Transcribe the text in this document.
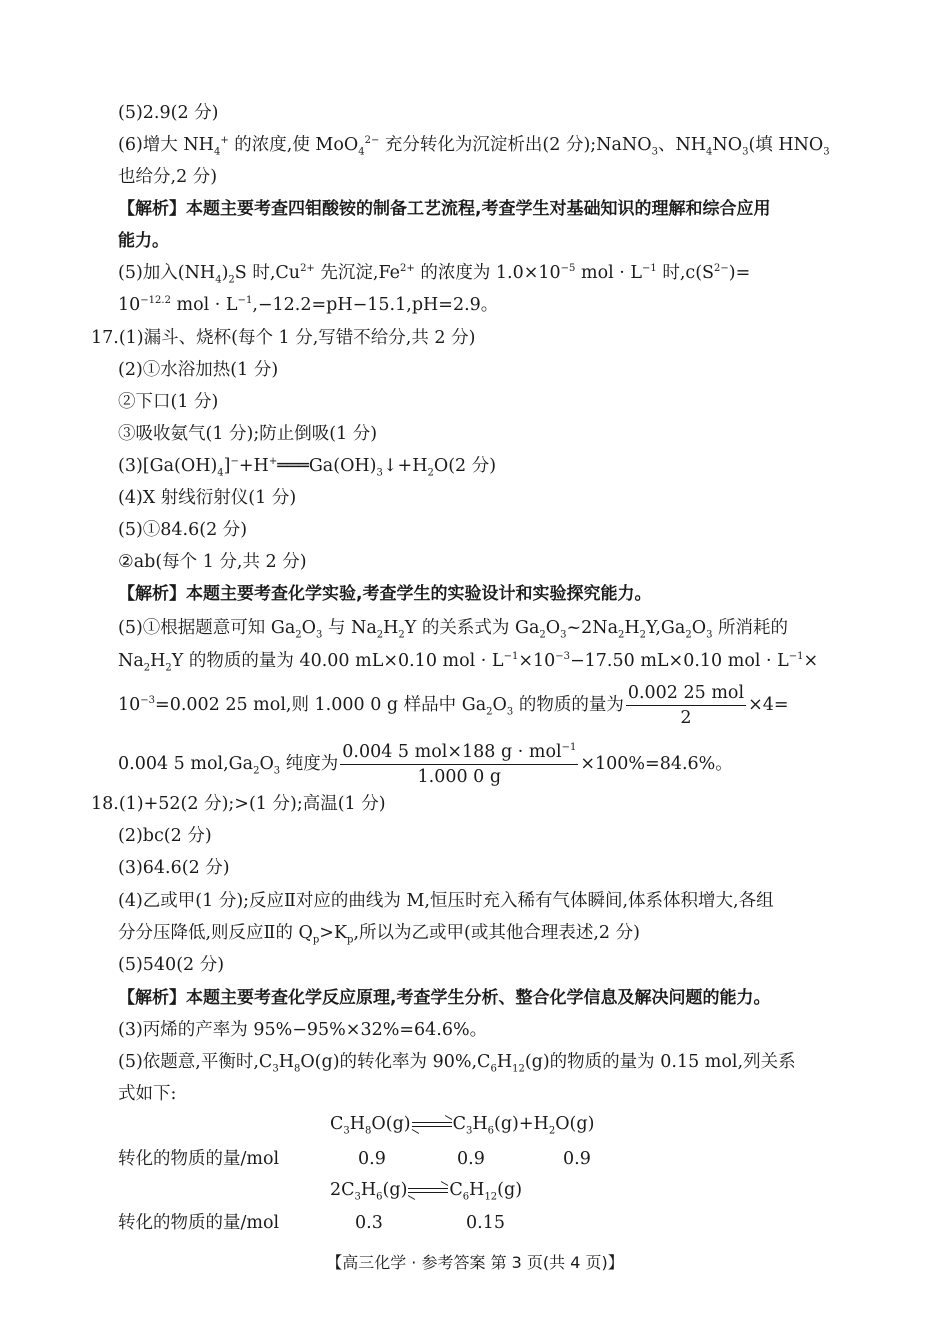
(5)2.9(2 分)
(6)增大 $NH_4^+$ 的浓度,使 MoO$_4^{2-}$ 充分转化为沉淀析出(2 分);NaNO$_3$、$NH_4NO_3$(填 $HNO_3$
也给分,2 分)
【解析】本题主要考查四钼酸铵的制备工艺流程,考查学生对基础知识的理解和综合应用
能力。
(5)加入$(NH_4)_2S$ 时$,Cu^{2+}$ 先沉淀$,Fe^{2+}$ 的浓度为 $1.0\times 10^{-5}$ mol · $L^{-1}$ 时$,c(S^{2-})=$
$10^{-12.2}$ mol · $L^{-1},-12.2=pH-15.1,pH=2.9$。
17.(1)漏斗、烧杯(每个 1 分,写错不给分,共 2 分)
(2)①水浴加热(1 分)
②下口(1 分)
③吸收氨气(1 分);防止倒吸(1 分)
$(3)[Ga(OH)_4]^-+H^+═══Ga(OH)_3↓+H_2O(2$ 分)
(4)X 射线衍射仪(1 分)
(5)①84.6(2 分)
②ab(每个 1 分,共 2 分)
【解析】本题主要考查化学实验,考查学生的实验设计和实验探究能力。
(5)①根据题意可知 $Ga_2O_3$ 与 $Na_2H_2Y$ 的关系式为 $Ga_2O_3\sim 2Na_2H_2Y,Ga_2O_3$ 所消耗的
$Na_2H_2Y$ 的物质的量为 40.00 mL×0.10 mol · $L^{-1}\times 10^{-3}-17.50$ mL×0.10 mol · $L^{-1}\times$
$10^{-3}=0.002$ 25 mol,则 1.000 0 g 样品中 $Ga_2O_3$ 的物质的量为 $\frac{\text{0.002 25 mol}}{2} \times 4=$
0.004 5 $mol,Ga_2O_3$ 纯度为 $\frac{0.004 5 mol\times 188 g \cdot mol^{-1}}{1.000 0 g} \times 100\%=84.6\%$。
18.(1)+52(2 分);>(1 分);高温(1 分)
(2)bc(2 分)
(3)64.6(2 分)
(4)乙或甲(1 分);反应Ⅱ对应的曲线为 M,恒压时充入稀有气体瞬间,体系体积增大,各组
分分压降低,则反应Ⅱ的 $Q_p>K_p$,所以为乙或甲(或其他合理表述,2 分)
(5)540(2 分)
【解析】本题主要考查化学反应原理,考查学生分析、整合化学信息及解决问题的能力。
(3)丙烯的产率为 95%−95%×32%=64.6%。
(5)依题意,平衡时$,C_3H_8O(g)$的转化率为 $90\%,C_6H_{12}(g)$的物质的量为 0.15 mol,列关系
式如下:
$C_3H_8O(g)$ $C_3H_6(g)+H_2O(g)$
转化的物质的量/mol	0.9	0.9	0.9
$2C_3H_6(g)$ $C_6H_{12}(g)$
转化的物质的量/mol	0.3	0.15
【高三化学 · 参考答案 第 3 页(共 4 页)】
